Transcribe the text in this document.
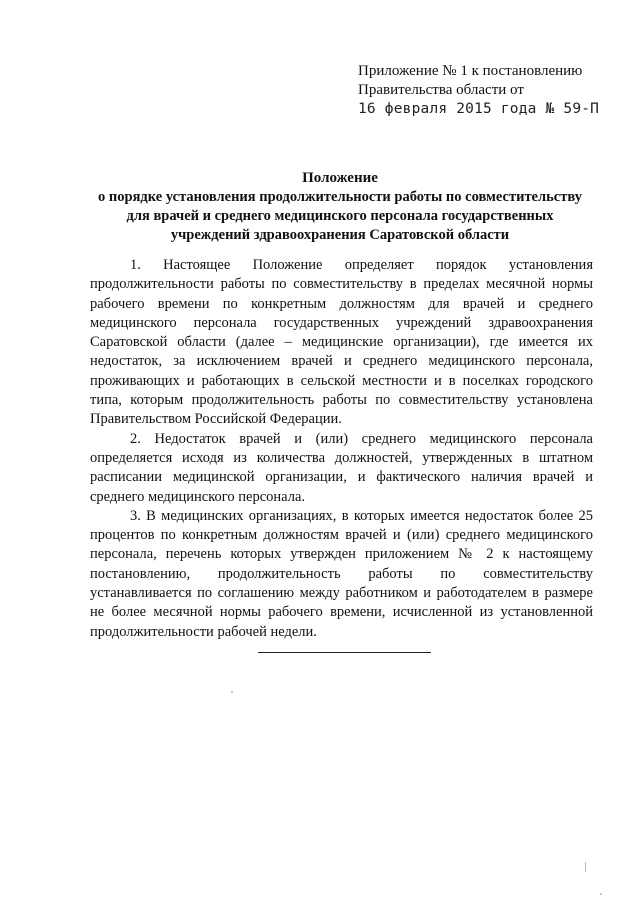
Приложение № 1 к постановлению
Правительства области от
16 февраля 2015 года № 59-П
Положение
о порядке установления продолжительности работы по совместительству
для врачей и среднего медицинского персонала государственных
учреждений здравоохранения Саратовской области

1. Настоящее Положение определяет порядок установления продолжительности работы по совместительству в пределах месячной нормы рабочего времени по конкретным должностям для врачей и среднего медицинского персонала государственных учреждений здравоохранения Саратовской области (далее – медицинские организации), где имеется их недостаток, за исключением врачей и среднего медицинского персонала, проживающих и работающих в сельской местности и в поселках городского типа, которым продолжительность работы по совместительству установлена Правительством Российской Федерации.

2. Недостаток врачей и (или) среднего медицинского персонала определяется исходя из количества должностей, утвержденных в штатном расписании медицинской организации, и фактического наличия врачей и среднего медицинского персонала.

3. В медицинских организациях, в которых имеется недостаток более 25 процентов по конкретным должностям врачей и (или) среднего медицинского персонала, перечень которых утвержден приложением № 2 к настоящему постановлению, продолжительность работы по совместительству устанавливается по соглашению между работником и работодателем в размере не более месячной нормы рабочего времени, исчисленной из установленной продолжительности рабочей недели.
